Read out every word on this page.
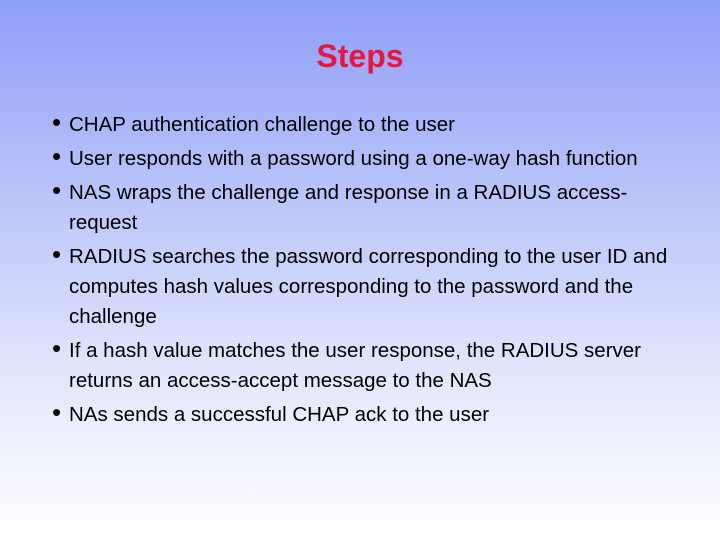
Steps
• CHAP authentication challenge to the user
• User responds with a password using a one-way hash function
• NAS wraps the challenge and response in a RADIUS access-request
• RADIUS searches the password corresponding to the user ID and computes hash values corresponding to the password and the challenge
• If a hash value matches the user response, the RADIUS server returns an access-accept message to the NAS
• NAs sends a successful CHAP ack to the user
